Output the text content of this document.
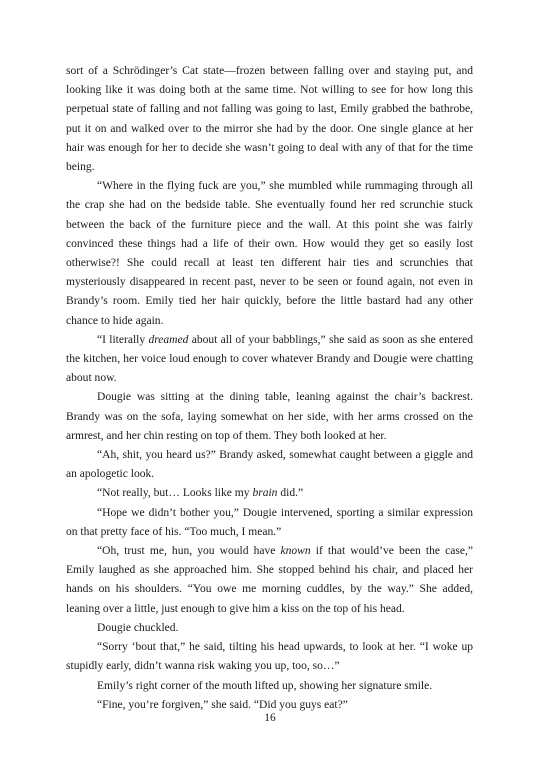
sort of a Schrödinger’s Cat state—frozen between falling over and staying put, and looking like it was doing both at the same time. Not willing to see for how long this perpetual state of falling and not falling was going to last, Emily grabbed the bathrobe, put it on and walked over to the mirror she had by the door. One single glance at her hair was enough for her to decide she wasn’t going to deal with any of that for the time being.

“Where in the flying fuck are you,” she mumbled while rummaging through all the crap she had on the bedside table. She eventually found her red scrunchie stuck between the back of the furniture piece and the wall. At this point she was fairly convinced these things had a life of their own. How would they get so easily lost otherwise?! She could recall at least ten different hair ties and scrunchies that mysteriously disappeared in recent past, never to be seen or found again, not even in Brandy’s room. Emily tied her hair quickly, before the little bastard had any other chance to hide again.

“I literally dreamed about all of your babblings,” she said as soon as she entered the kitchen, her voice loud enough to cover whatever Brandy and Dougie were chatting about now.

Dougie was sitting at the dining table, leaning against the chair’s backrest. Brandy was on the sofa, laying somewhat on her side, with her arms crossed on the armrest, and her chin resting on top of them. They both looked at her.

“Ah, shit, you heard us?” Brandy asked, somewhat caught between a giggle and an apologetic look.

“Not really, but… Looks like my brain did.”

“Hope we didn’t bother you,” Dougie intervened, sporting a similar expression on that pretty face of his. “Too much, I mean.”

“Oh, trust me, hun, you would have known if that would’ve been the case,” Emily laughed as she approached him. She stopped behind his chair, and placed her hands on his shoulders. “You owe me morning cuddles, by the way.” She added, leaning over a little, just enough to give him a kiss on the top of his head.

Dougie chuckled.

“Sorry ‘bout that,” he said, tilting his head upwards, to look at her. “I woke up stupidly early, didn’t wanna risk waking you up, too, so…”

Emily’s right corner of the mouth lifted up, showing her signature smile.

“Fine, you’re forgiven,” she said. “Did you guys eat?”

16
